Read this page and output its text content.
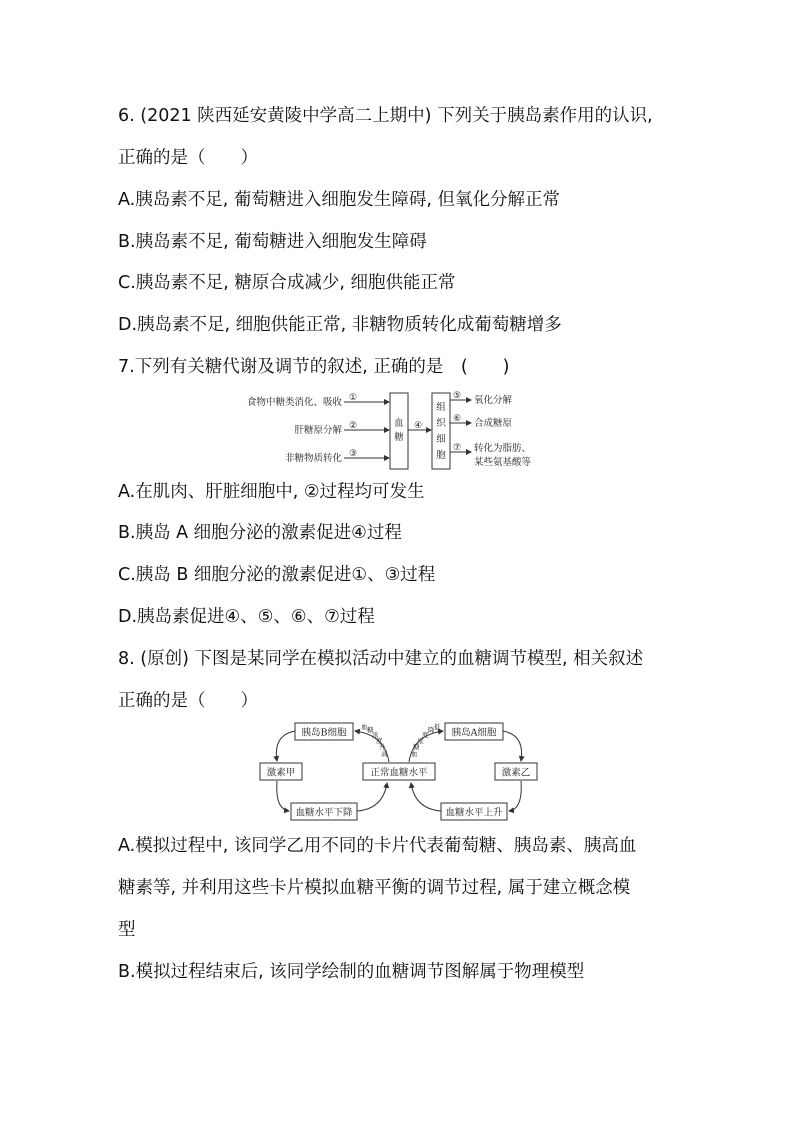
6. (2021 陕西延安黄陵中学高二上期中) 下列关于胰岛素作用的认识,
正确的是（　　）
A.胰岛素不足, 葡萄糖进入细胞发生障碍, 但氧化分解正常
B.胰岛素不足, 葡萄糖进入细胞发生障碍
C.胰岛素不足, 糖原合成减少, 细胞供能正常
D.胰岛素不足, 细胞供能正常, 非糖物质转化成葡萄糖增多
7.下列有关糖代谢及调节的叙述, 正确的是　(　　)
食物中糖类消化、吸收
肝糖原分解
非糖物质转化
①
②
③
血
糖
④
组
织
细
胞
⑤
⑥
⑦
氧化分解
合成糖原
转化为脂肪、
某些氨基酸等
A.在肌肉、肝脏细胞中, ②过程均可发生
B.胰岛 A 细胞分泌的激素促进④过程
C.胰岛 B 细胞分泌的激素促进①、③过程
D.胰岛素促进④、⑤、⑥、⑦过程
8. (原创) 下图是某同学在模拟活动中建立的血糖调节模型, 相关叙述
正确的是（　　）
胰岛B细胞	胰岛A细胞
激素甲	正常血糖水平	激素乙
血糖水平下降	血糖水平上升
血 糖
浓
度
升
高	血
糖
浓
度
降 低
A.模拟过程中, 该同学乙用不同的卡片代表葡萄糖、胰岛素、胰高血
糖素等, 并利用这些卡片模拟血糖平衡的调节过程, 属于建立概念模
型
B.模拟过程结束后, 该同学绘制的血糖调节图解属于物理模型
